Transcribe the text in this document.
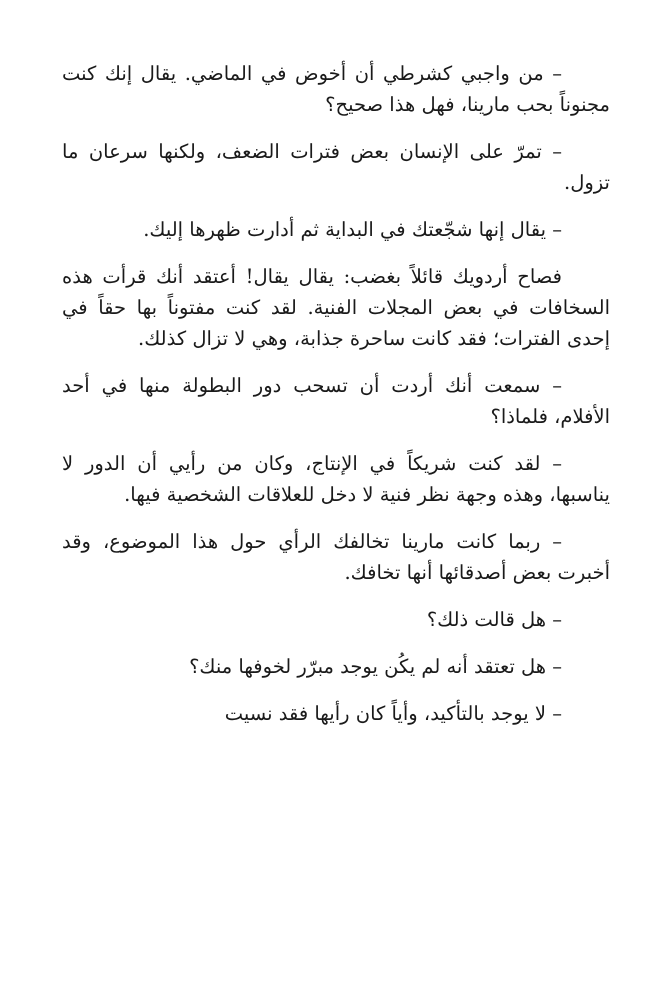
– من واجبي كشرطي أن أخوض في الماضي. يقال إنك كنت مجنوناً بحب مارينا، فهل هذا صحيح؟

– تمرّ على الإنسان بعض فترات الضعف، ولكنها سرعان ما تزول.

– يقال إنها شجّعتك في البداية ثم أدارت ظهرها إليك.

فصاح أردويك قائلاً بغضب: يقال يقال! أعتقد أنك قرأت هذه السخافات في بعض المجلات الفنية. لقد كنت مفتوناً بها حقاً في إحدى الفترات؛ فقد كانت ساحرة جذابة، وهي لا تزال كذلك.

– سمعت أنك أردت أن تسحب دور البطولة منها في أحد الأفلام، فلماذا؟

– لقد كنت شريكاً في الإنتاج، وكان من رأيي أن الدور لا يناسبها، وهذه وجهة نظر فنية لا دخل للعلاقات الشخصية فيها.

– ربما كانت مارينا تخالفك الرأي حول هذا الموضوع، وقد أخبرت بعض أصدقائها أنها تخافك.

– هل قالت ذلك؟

– هل تعتقد أنه لم يكُن يوجد مبرّر لخوفها منك؟

– لا يوجد بالتأكيد، وأياً كان رأيها فقد نسيت
